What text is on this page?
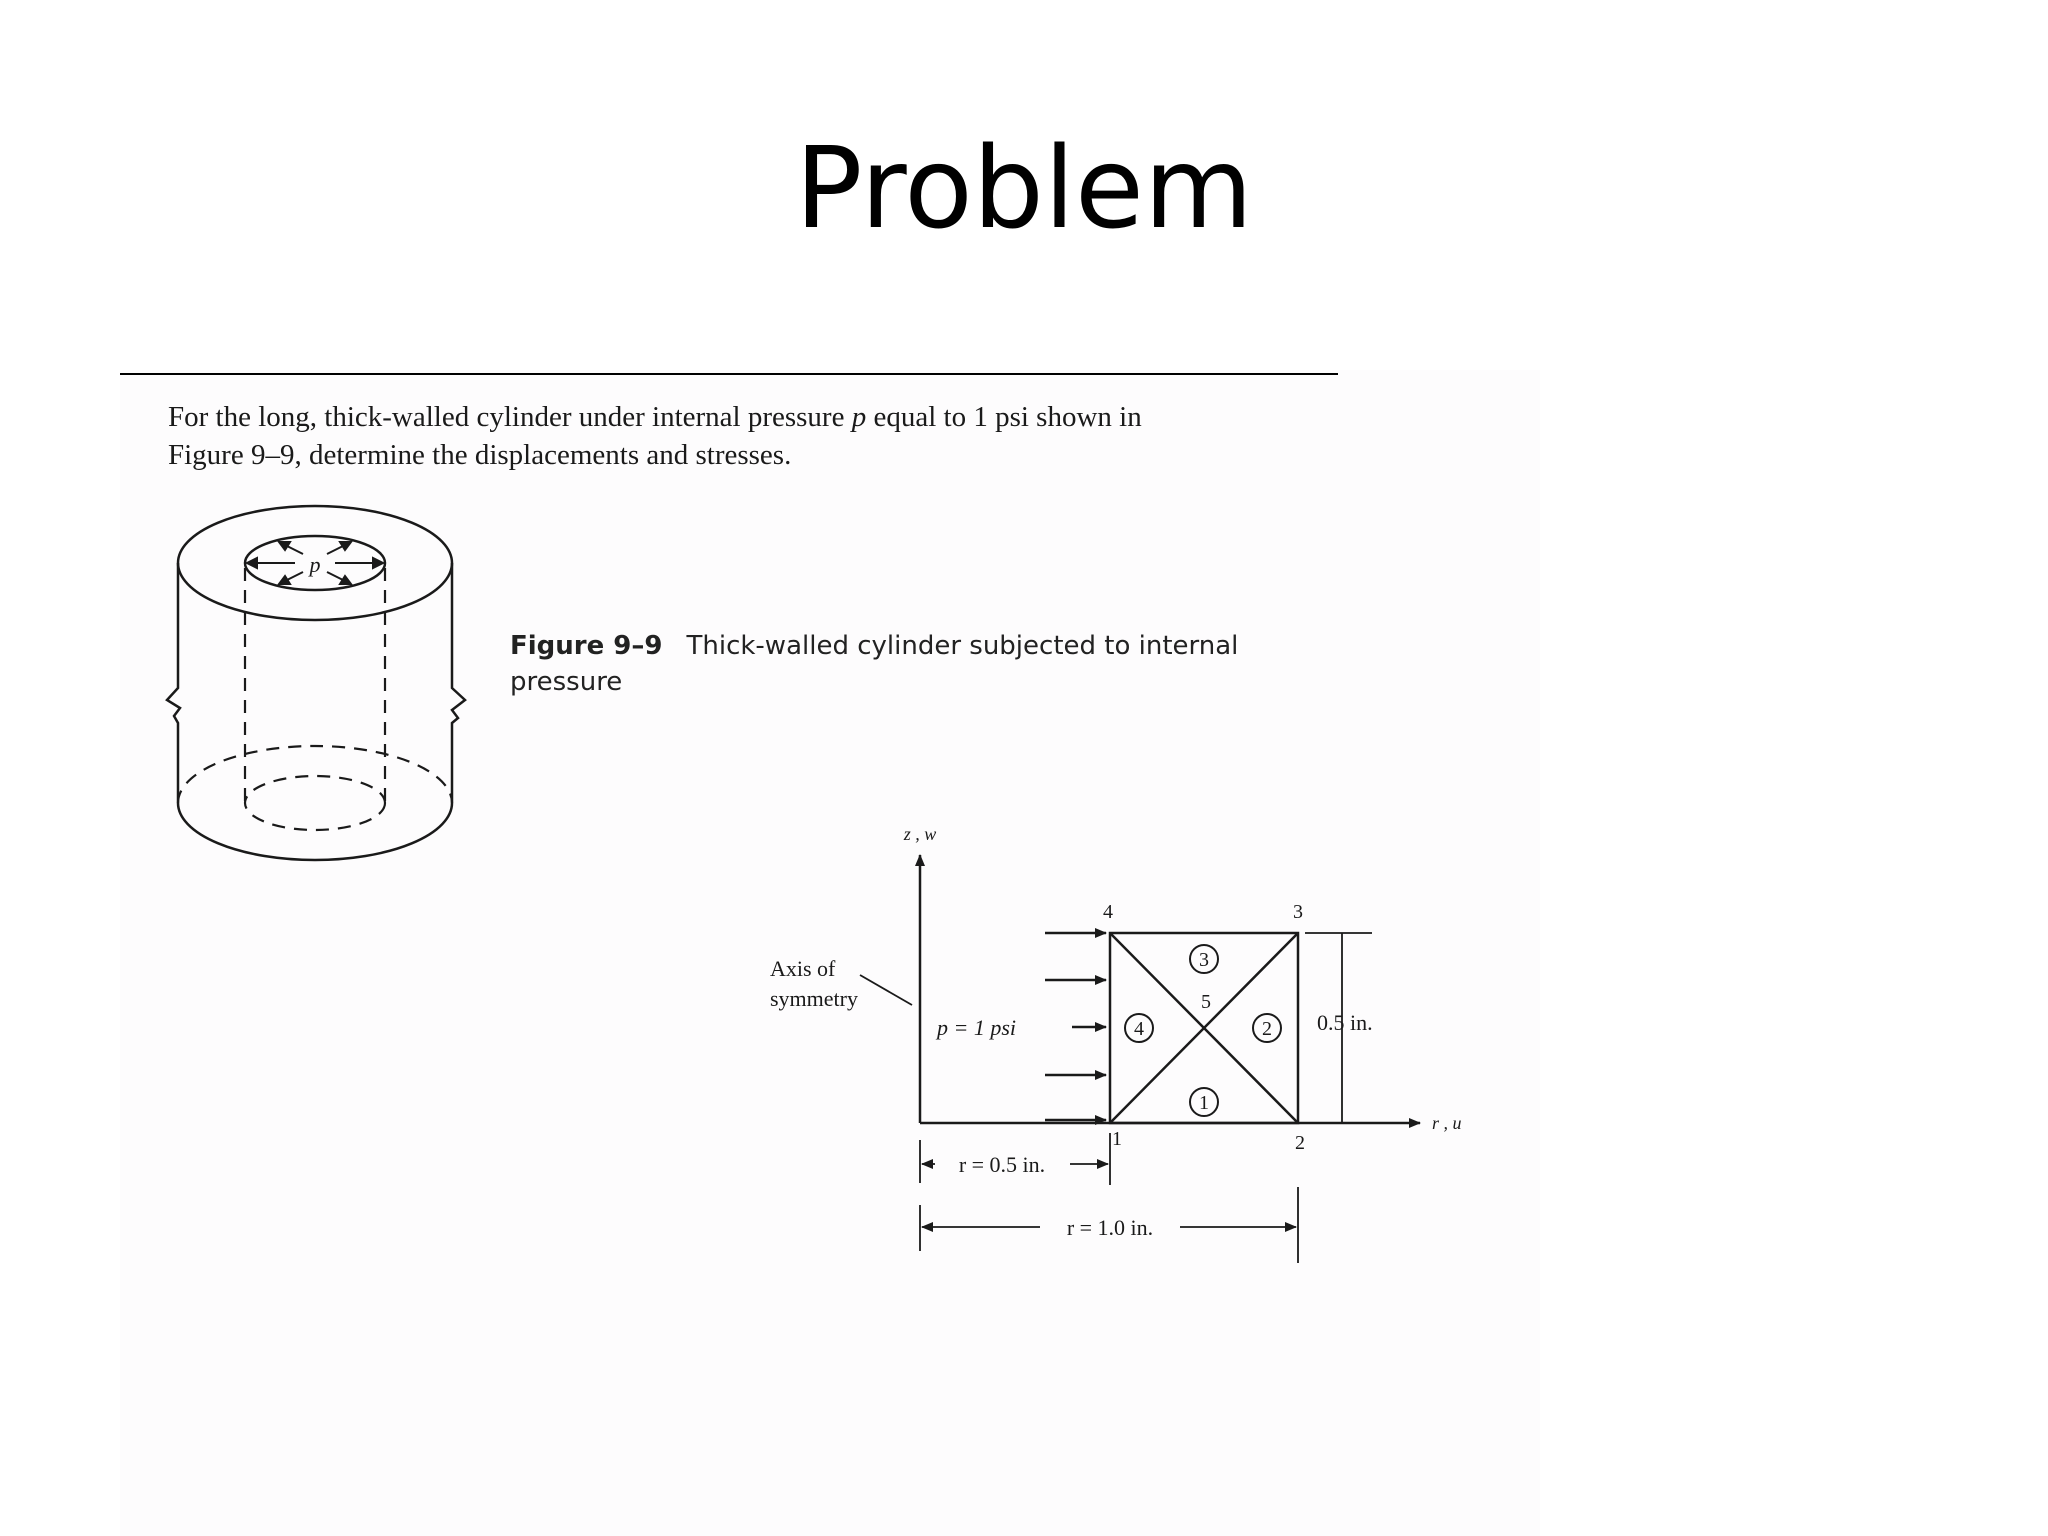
Problem

For the long, thick-walled cylinder under internal pressure p equal to 1 psi shown in

Figure 9–9, determine the displacements and stresses.

p
Figure 9–9 Thick-walled cylinder subjected to internal
pressure
1
2
3
4
1	2
3
4
5
z , w
r , u
Axis of
symmetry
p = 1 psi	0.5 in.
r = 0.5 in.
r = 1.0 in.
